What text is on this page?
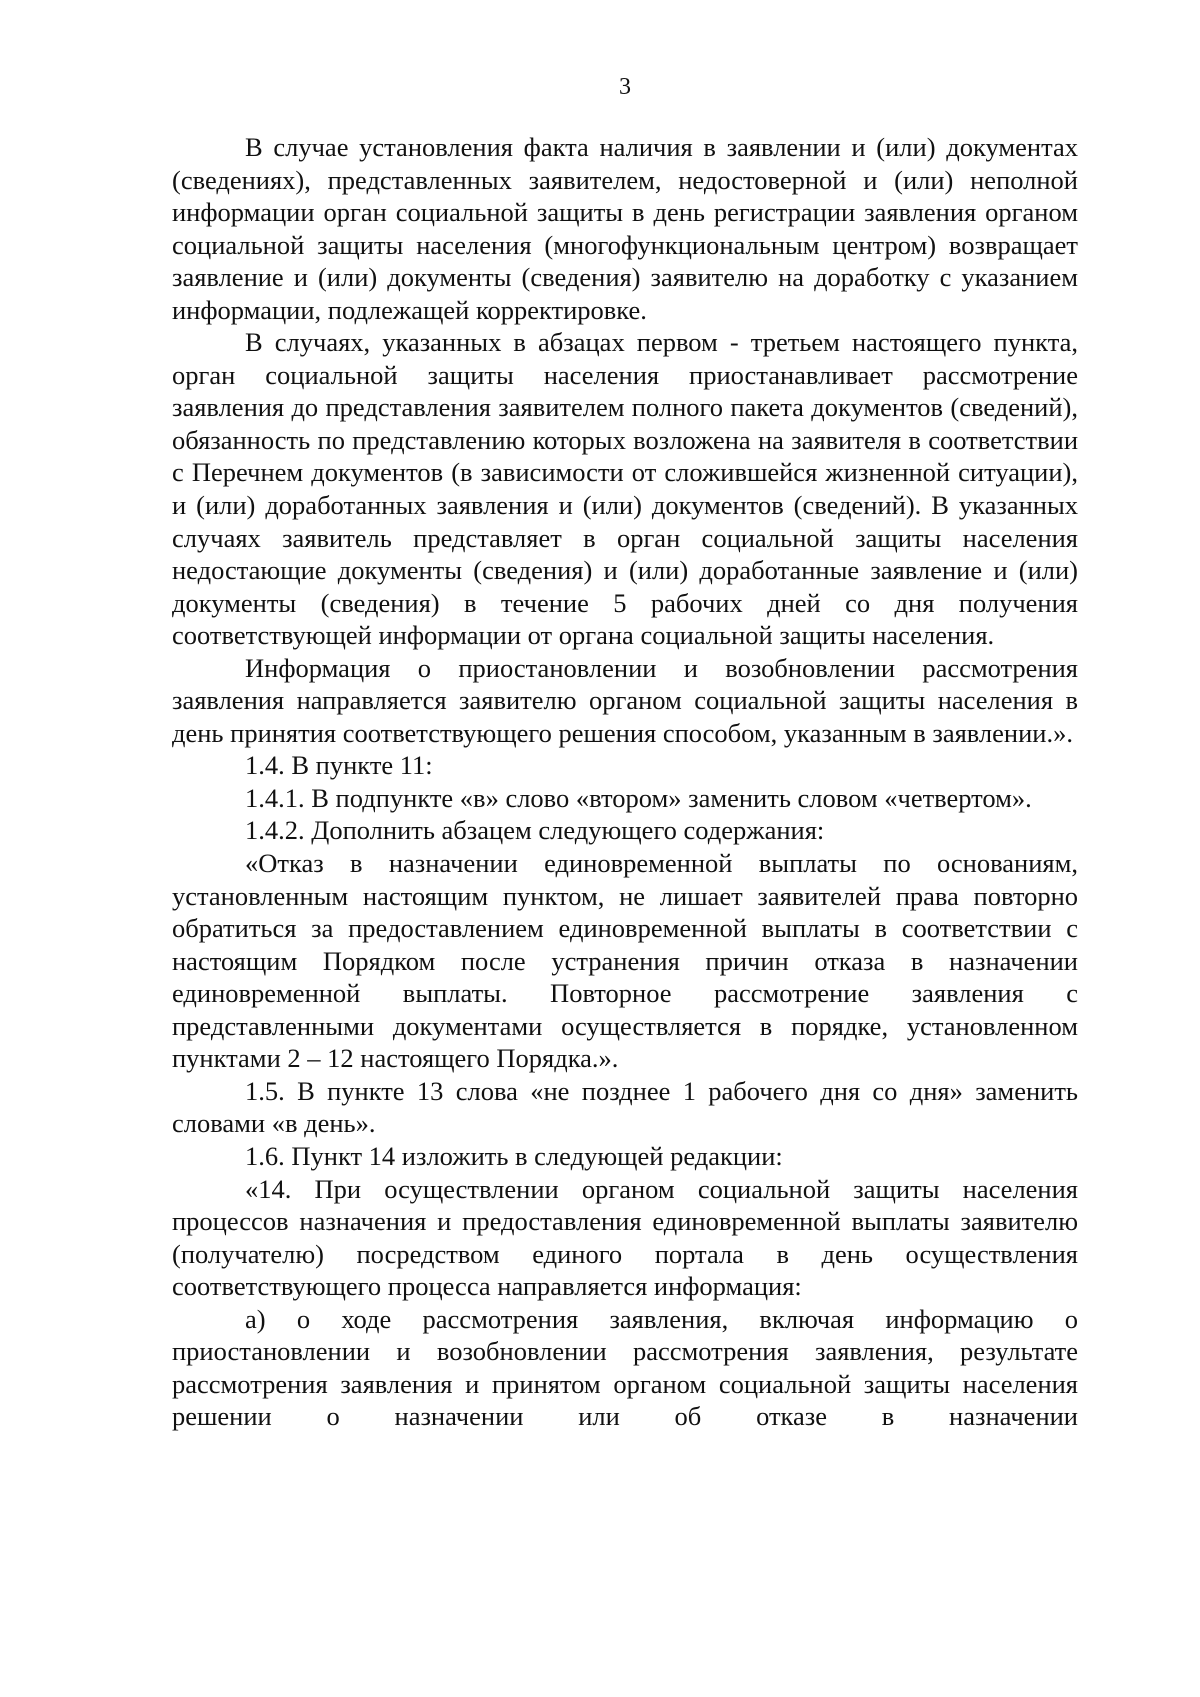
3

В случае установления факта наличия в заявлении и (или) документах (сведениях), представленных заявителем, недостоверной и (или) неполной информации орган социальной защиты в день регистрации заявления органом социальной защиты населения (многофункциональным центром) возвращает заявление и (или) документы (сведения) заявителю на доработку с указанием информации, подлежащей корректировке.

В случаях, указанных в абзацах первом - третьем настоящего пункта, орган социальной защиты населения приостанавливает рассмотрение заявления до представления заявителем полного пакета документов (сведений), обязанность по представлению которых возложена на заявителя в соответствии с Перечнем документов (в зависимости от сложившейся жизненной ситуации), и (или) доработанных заявления и (или) документов (сведений). В указанных случаях заявитель представляет в орган социальной защиты населения недостающие документы (сведения) и (или) доработанные заявление и (или) документы (сведения) в течение 5 рабочих дней со дня получения соответствующей информации от органа социальной защиты населения.

Информация о приостановлении и возобновлении рассмотрения заявления направляется заявителю органом социальной защиты населения в день принятия соответствующего решения способом, указанным в заявлении.».

1.4. В пункте 11:

1.4.1. В подпункте «в» слово «втором» заменить словом «четвертом».

1.4.2. Дополнить абзацем следующего содержания:

«Отказ в назначении единовременной выплаты по основаниям, установленным настоящим пунктом, не лишает заявителей права повторно обратиться за предоставлением единовременной выплаты в соответствии с настоящим Порядком после устранения причин отказа в назначении единовременной выплаты. Повторное рассмотрение заявления с представленными документами осуществляется в порядке, установленном пунктами 2 – 12 настоящего Порядка.».

1.5. В пункте 13 слова «не позднее 1 рабочего дня со дня» заменить словами «в день».

1.6. Пункт 14 изложить в следующей редакции:

«14. При осуществлении органом социальной защиты населения процессов назначения и предоставления единовременной выплаты заявителю (получателю) посредством единого портала в день осуществления соответствующего процесса направляется информация:

а) о ходе рассмотрения заявления, включая информацию о приостановлении и возобновлении рассмотрения заявления, результате рассмотрения заявления и принятом органом социальной защиты населения решении о назначении или об отказе в назначении
